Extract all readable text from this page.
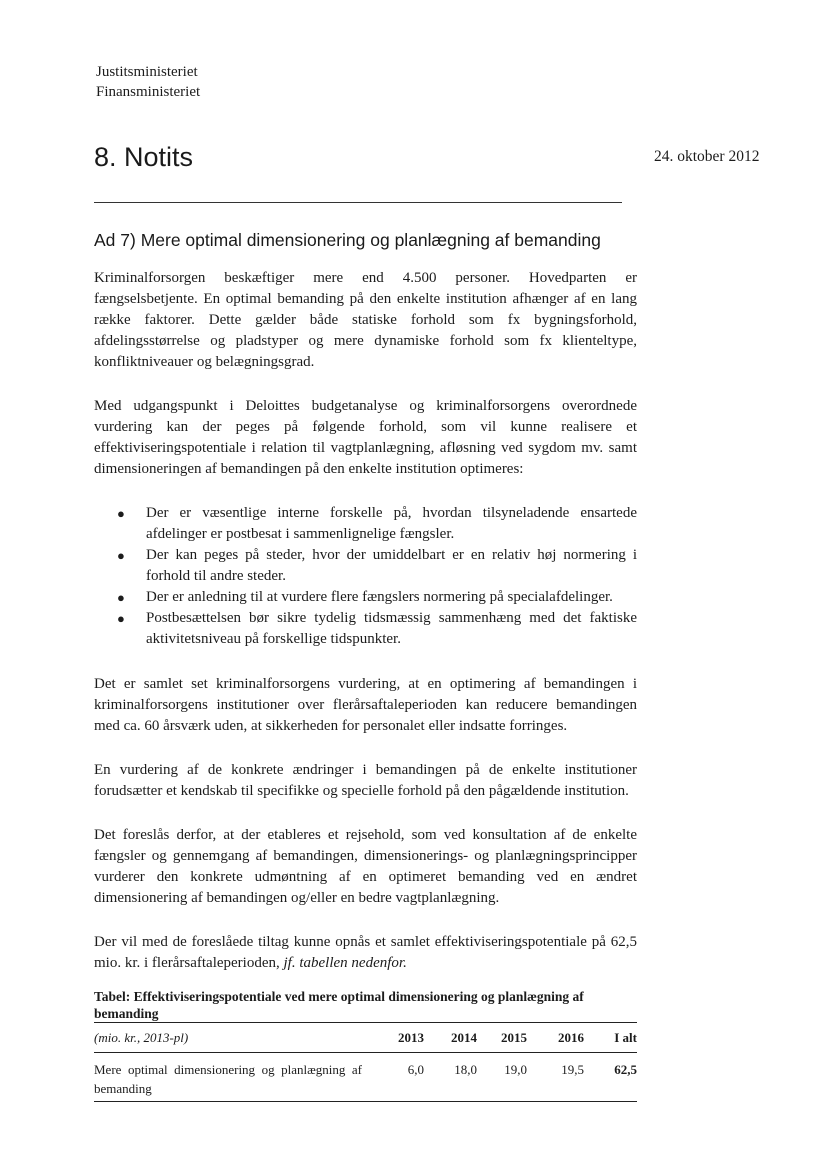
Justitsministeriet
Finansministeriet
8. Notits	24. oktober 2012
Ad 7) Mere optimal dimensionering og planlægning af bemanding

Kriminalforsorgen beskæftiger mere end 4.500 personer. Hovedparten er fængselsbetjente. En optimal bemanding på den enkelte institution afhænger af en lang række faktorer. Dette gælder både statiske forhold som fx bygningsforhold, afdelingsstørrelse og pladstyper og mere dynamiske forhold som fx klienteltype, konfliktniveauer og belægningsgrad.

Med udgangspunkt i Deloittes budgetanalyse og kriminalforsorgens overordnede vurdering kan der peges på følgende forhold, som vil kunne realisere et effektiviseringspotentiale i relation til vagtplanlægning, afløsning ved sygdom mv. samt dimensioneringen af bemandingen på den enkelte institution optimeres:

● Der er væsentlige interne forskelle på, hvordan tilsyneladende ensartede afdelinger er postbesat i sammenlignelige fængsler.
● Der kan peges på steder, hvor der umiddelbart er en relativ høj normering i forhold til andre steder.
● Der er anledning til at vurdere flere fængslers normering på specialafdelinger.
● Postbesættelsen bør sikre tydelig tidsmæssig sammenhæng med det faktiske aktivitetsniveau på forskellige tidspunkter.

Det er samlet set kriminalforsorgens vurdering, at en optimering af bemandingen i kriminalforsorgens institutioner over flerårsaftaleperioden kan reducere bemandingen med ca. 60 årsværk uden, at sikkerheden for personalet eller indsatte forringes.

En vurdering af de konkrete ændringer i bemandingen på de enkelte institutioner forudsætter et kendskab til specifikke og specielle forhold på den pågældende institution.

Det foreslås derfor, at der etableres et rejsehold, som ved konsultation af de enkelte fængsler og gennemgang af bemandingen, dimensionerings- og planlægningsprincipper vurderer den konkrete udmøntning af en optimeret bemanding ved en ændret dimensionering af bemandingen og/eller en bedre vagtplanlægning.

Der vil med de foreslåede tiltag kunne opnås et samlet effektiviseringspotentiale på 62,5 mio. kr. i flerårsaftaleperioden, jf. tabellen nedenfor.

Tabel: Effektiviseringspotentiale ved mere optimal dimensionering og planlægning af bemanding
(mio. kr., 2013-pl)	2013	2014	2015	2016	I alt
Mere optimal dimensionering og planlægning af bemanding	6,0	18,0	19,0	19,5	62,5
